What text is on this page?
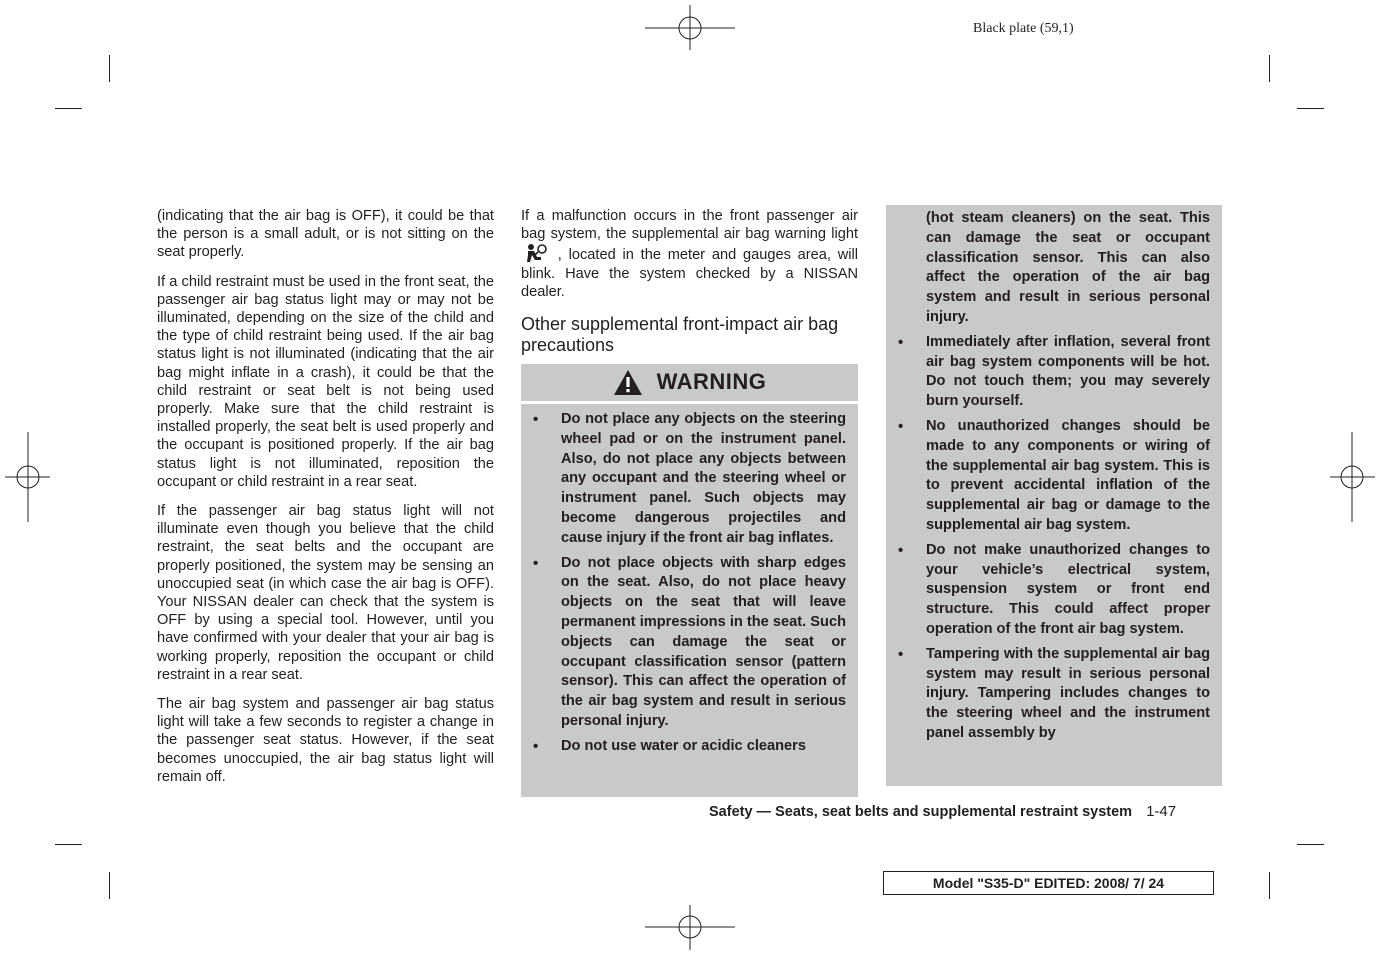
Black plate (59,1)

(indicating that the air bag is OFF), it could be that the person is a small adult, or is not sitting on the seat properly.

If a child restraint must be used in the front seat, the passenger air bag status light may or may not be illuminated, depending on the size of the child and the type of child restraint being used. If the air bag status light is not illuminated (indicating that the air bag might inflate in a crash), it could be that the child restraint or seat belt is not being used properly. Make sure that the child restraint is installed properly, the seat belt is used properly and the occupant is positioned properly. If the air bag status light is not illuminated, reposition the occupant or child restraint in a rear seat.

If the passenger air bag status light will not illuminate even though you believe that the child restraint, the seat belts and the occupant are properly positioned, the system may be sensing an unoccupied seat (in which case the air bag is OFF). Your NISSAN dealer can check that the system is OFF by using a special tool. However, until you have confirmed with your dealer that your air bag is working properly, reposition the occupant or child restraint in a rear seat.

The air bag system and passenger air bag status light will take a few seconds to register a change in the passenger seat status. However, if the seat becomes unoccupied, the air bag status light will remain off.

If a malfunction occurs in the front passenger air bag system, the supplemental air bag warning light  , located in the meter and gauges area, will blink. Have the system checked by a NISSAN dealer.

Other supplemental front-impact air bag precautions
WARNING
• Do not place any objects on the steering wheel pad or on the instrument panel. Also, do not place any objects between any occupant and the steering wheel or instrument panel. Such objects may become dangerous projectiles and cause injury if the front air bag inflates.
• Do not place objects with sharp edges on the seat. Also, do not place heavy objects on the seat that will leave permanent impressions in the seat. Such objects can damage the seat or occupant classification sensor (pattern sensor). This can affect the operation of the air bag system and result in serious personal injury.
• Do not use water or acidic cleaners
(hot steam cleaners) on the seat. This can damage the seat or occupant classification sensor. This can also affect the operation of the air bag system and result in serious personal injury.
• Immediately after inflation, several front air bag system components will be hot. Do not touch them; you may severely burn yourself.
• No unauthorized changes should be made to any components or wiring of the supplemental air bag system. This is to prevent accidental inflation of the supplemental air bag or damage to the supplemental air bag system.
• Do not make unauthorized changes to your vehicle’s electrical system, suspension system or front end structure. This could affect proper operation of the front air bag system.
• Tampering with the supplemental air bag system may result in serious personal injury. Tampering includes changes to the steering wheel and the instrument panel assembly by
Safety — Seats, seat belts and supplemental restraint system 1-47
Model "S35-D" EDITED: 2008/ 7/ 24
